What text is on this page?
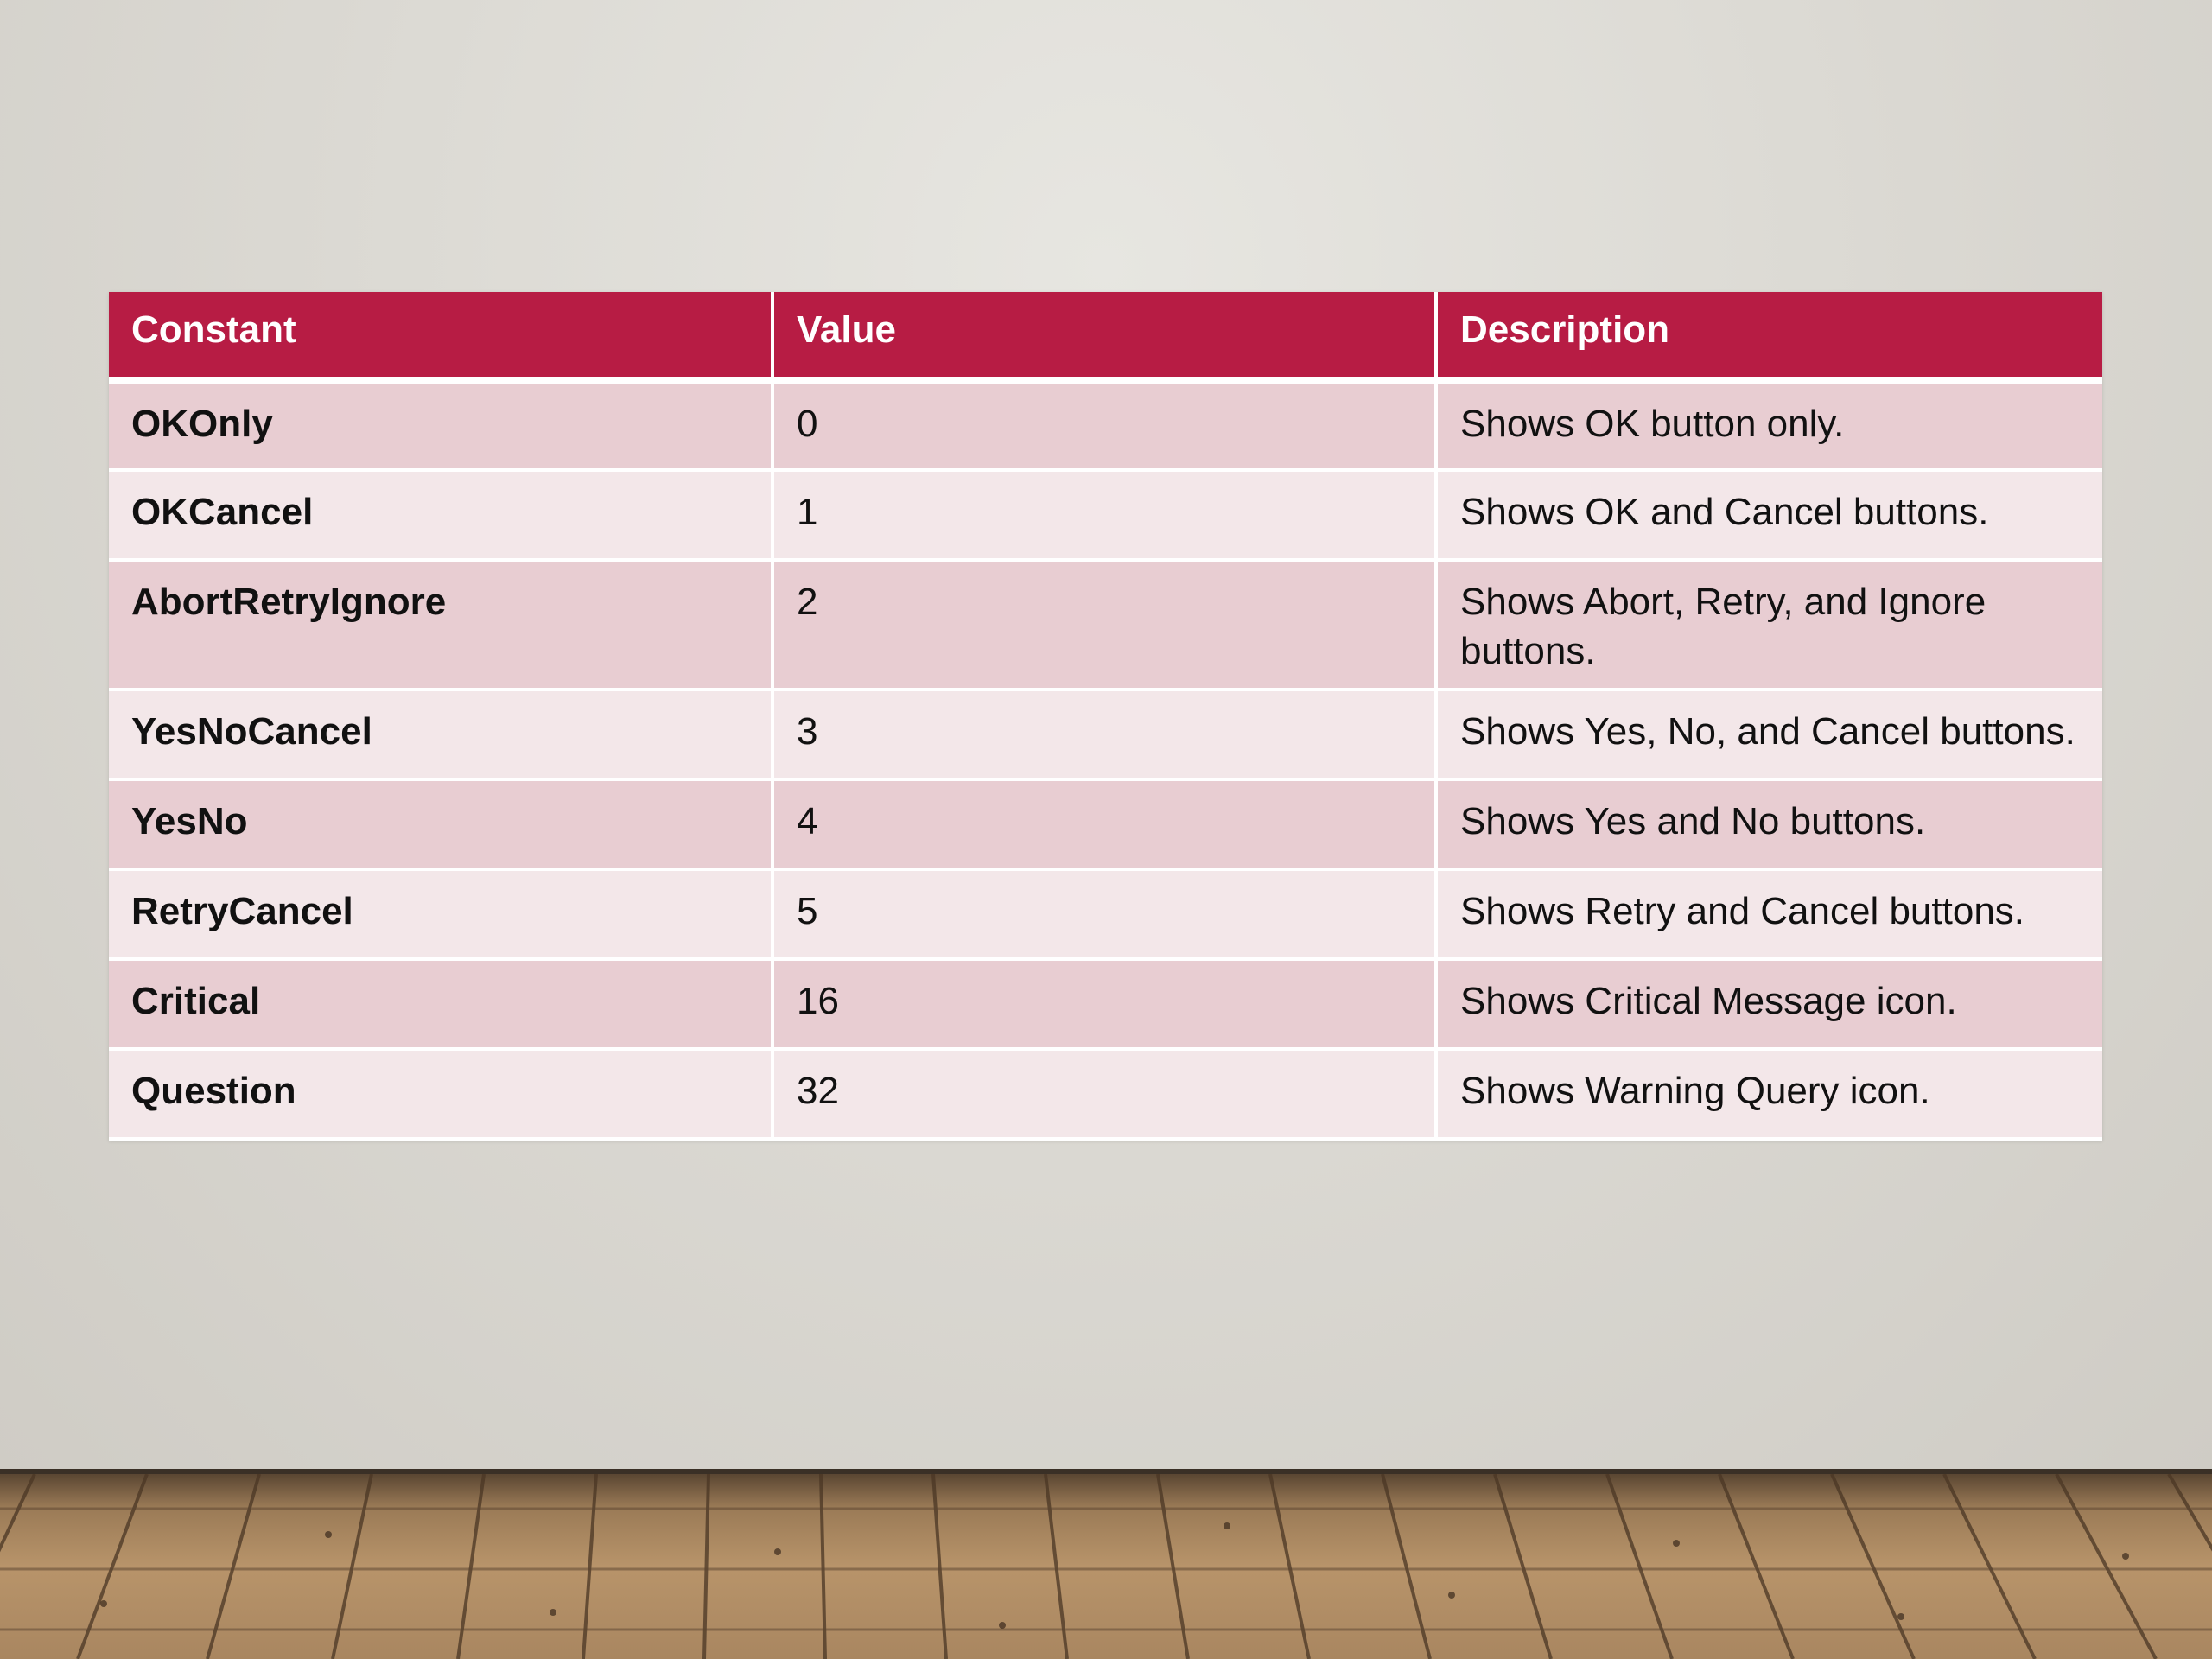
Constant	Value	Description
OKOnly	0	Shows OK button only.
OKCancel	1	Shows OK and Cancel buttons.
AbortRetryIgnore	2	Shows Abort, Retry, and Ignore buttons.
YesNoCancel	3	Shows Yes, No, and Cancel buttons.
YesNo	4	Shows Yes and No buttons.
RetryCancel	5	Shows Retry and Cancel buttons.
Critical	16	Shows Critical Message icon.
Question	32	Shows Warning Query icon.
